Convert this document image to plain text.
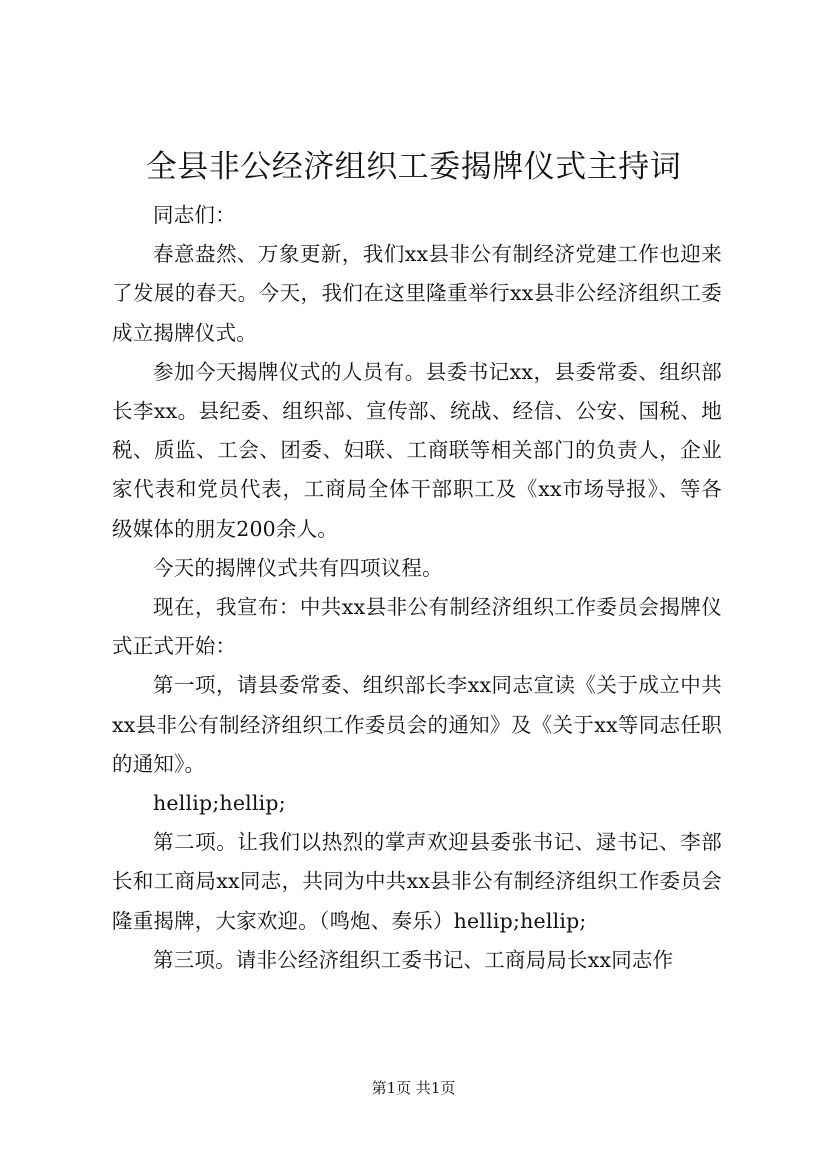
全县非公经济组织工委揭牌仪式主持词

同志们：

春意盎然、万象更新，我们xx县非公有制经济党建工作也迎来了发展的春天。今天，我们在这里隆重举行xx县非公经济组织工委成立揭牌仪式。

参加今天揭牌仪式的人员有。县委书记xx，县委常委、组织部长李xx。县纪委、组织部、宣传部、统战、经信、公安、国税、地税、质监、工会、团委、妇联、工商联等相关部门的负责人，企业家代表和党员代表，工商局全体干部职工及《xx市场导报》、等各级媒体的朋友200余人。

今天的揭牌仪式共有四项议程。

现在，我宣布：中共xx县非公有制经济组织工作委员会揭牌仪式正式开始：

第一项，请县委常委、组织部长李xx同志宣读《关于成立中共xx县非公有制经济组织工作委员会的通知》及《关于xx等同志任职的通知》。

hellip;hellip;

第二项。让我们以热烈的掌声欢迎县委张书记、逯书记、李部长和工商局xx同志，共同为中共xx县非公有制经济组织工作委员会隆重揭牌，大家欢迎。（鸣炮、奏乐）hellip;hellip;

第三项。请非公经济组织工委书记、工商局局长xx同志作

第1页 共1页
